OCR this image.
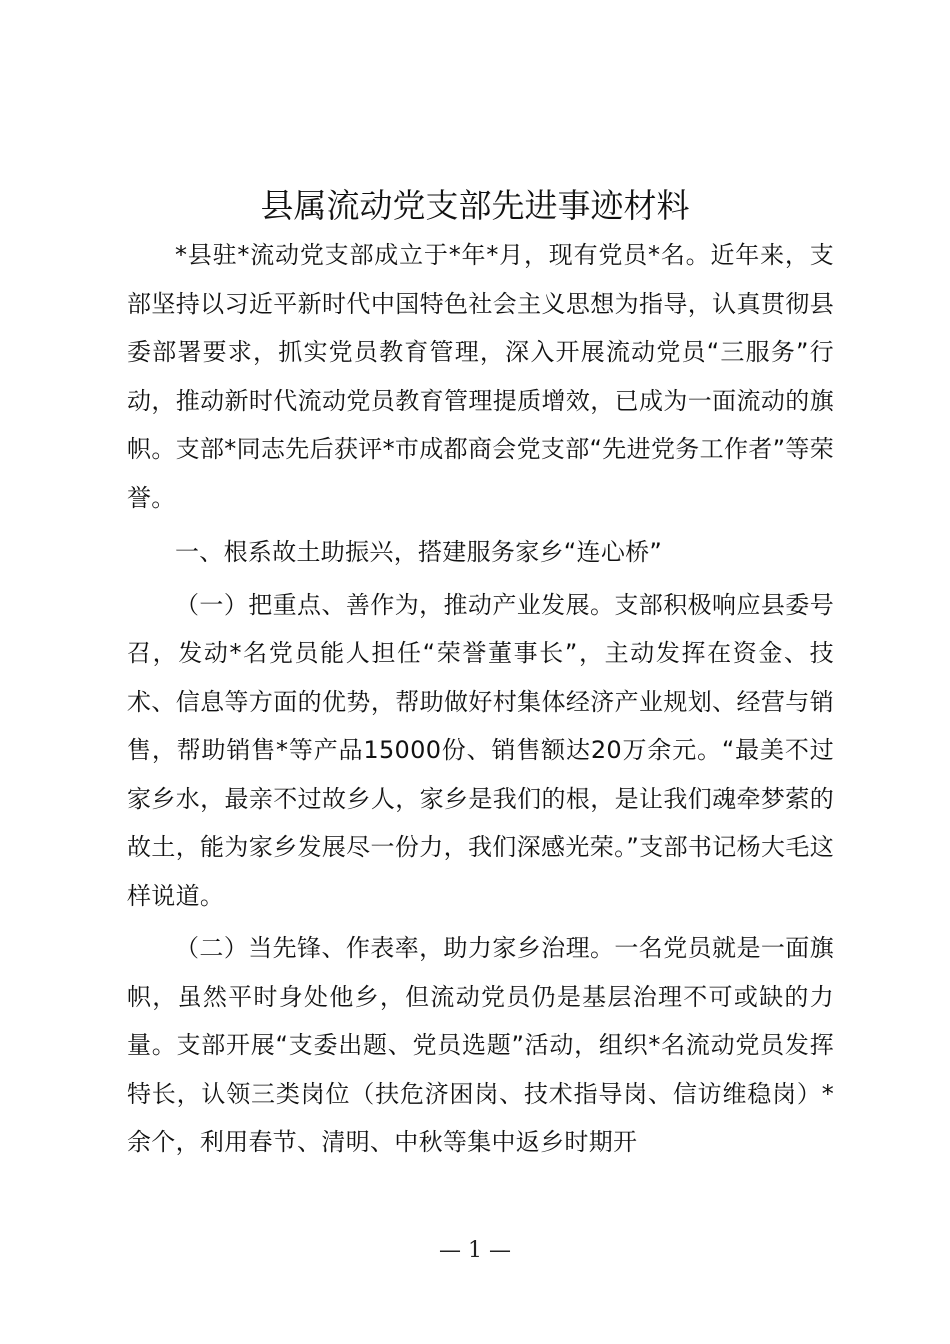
县属流动党支部先进事迹材料

*县驻*流动党支部成立于*年*月，现有党员*名。近年来，支部坚持以习近平新时代中国特色社会主义思想为指导，认真贯彻县委部署要求，抓实党员教育管理，深入开展流动党员“三服务”行动，推动新时代流动党员教育管理提质增效，已成为一面流动的旗帜。支部*同志先后获评*市成都商会党支部“先进党务工作者”等荣誉。

一、根系故土助振兴，搭建服务家乡“连心桥”

（一）把重点、善作为，推动产业发展。支部积极响应县委号召，发动*名党员能人担任“荣誉董事长”，主动发挥在资金、技术、信息等方面的优势，帮助做好村集体经济产业规划、经营与销售，帮助销售*等产品15000份、销售额达20万余元。“最美不过家乡水，最亲不过故乡人，家乡是我们的根，是让我们魂牵梦萦的故土，能为家乡发展尽一份力，我们深感光荣。”支部书记杨大毛这样说道。

（二）当先锋、作表率，助力家乡治理。一名党员就是一面旗帜，虽然平时身处他乡，但流动党员仍是基层治理不可或缺的力量。支部开展“支委出题、党员选题”活动，组织*名流动党员发挥特长，认领三类岗位（扶危济困岗、技术指导岗、信访维稳岗）*余个，利用春节、清明、中秋等集中返乡时期开

— 1 —
